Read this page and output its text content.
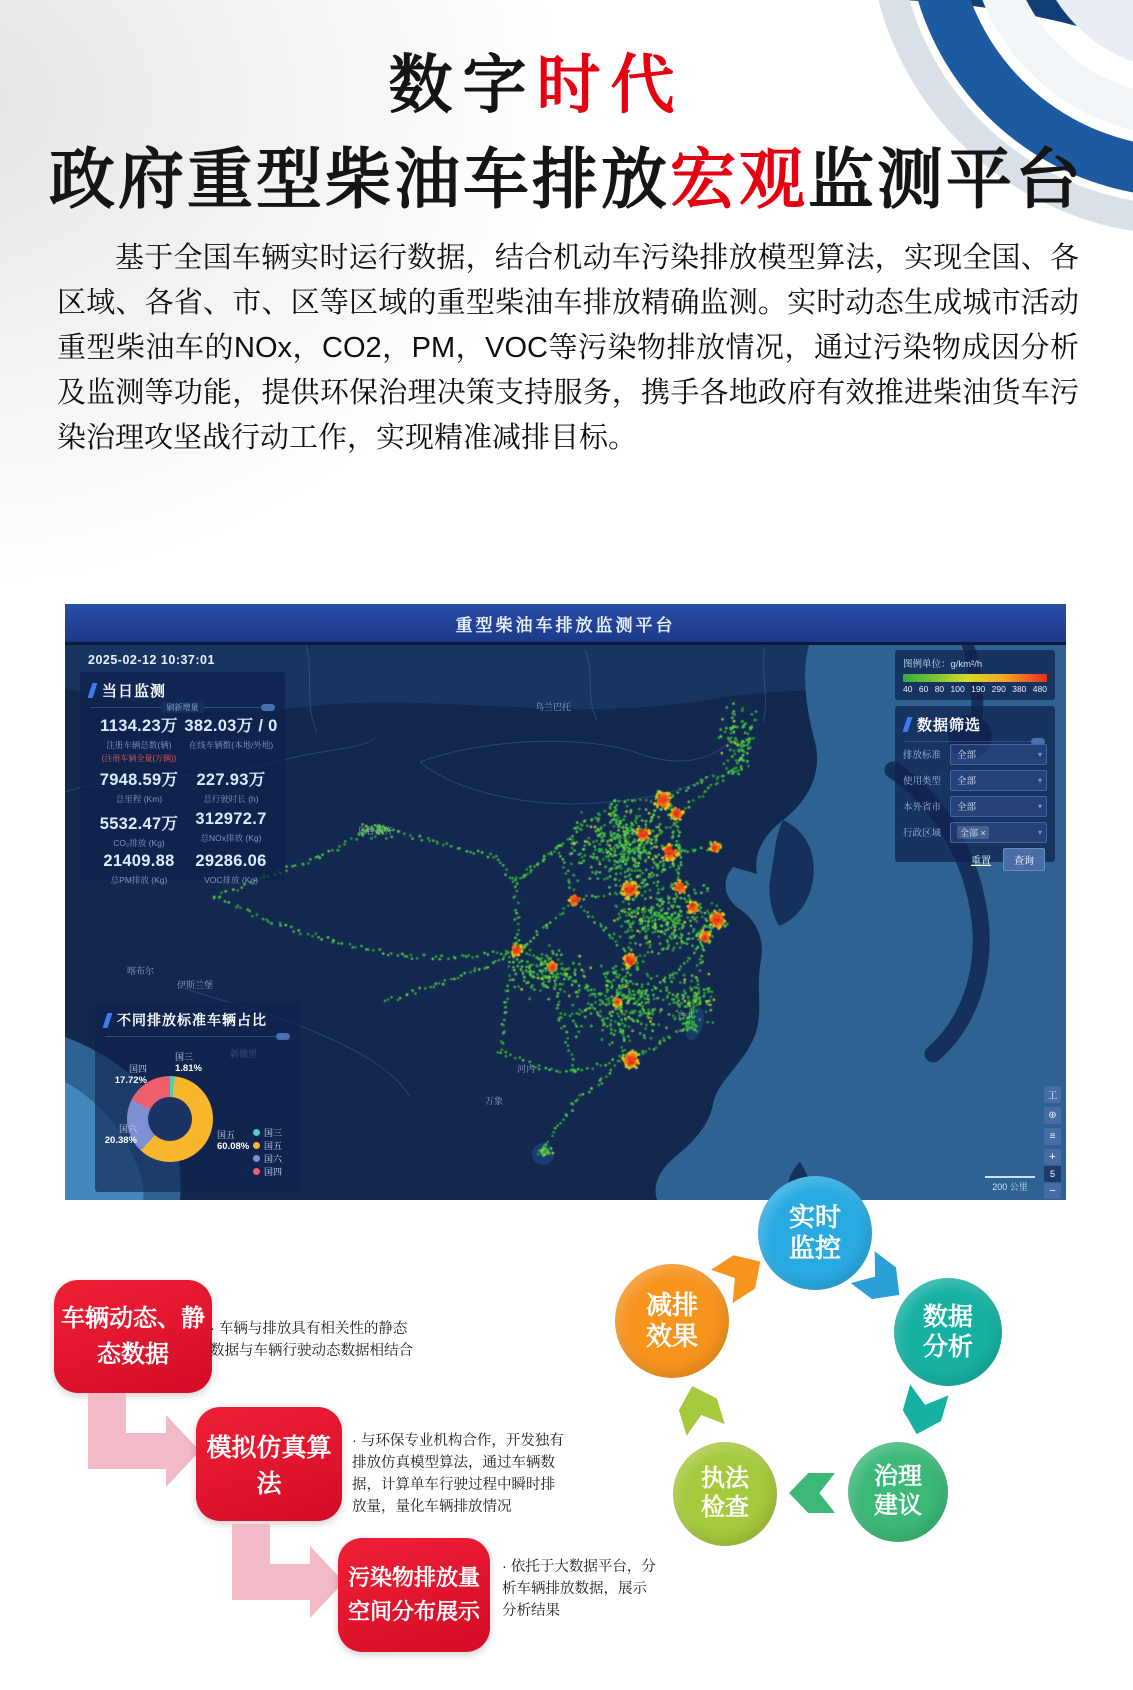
数字时代
政府重型柴油车排放宏观监测平台

基于全国车辆实时运行数据，结合机动车污染排放模型算法，实现全国、各区域、各省、市、区等区域的重型柴油车排放精确监测。实时动态生成城市活动重型柴油车的NOx，CO2，PM，VOC等污染物排放情况，通过污染物成因分析及监测等功能，提供环保治理决策支持服务，携手各地政府有效推进柴油货车污染治理攻坚战行动工作，实现精准减排目标。

乌兰巴托
乌鲁木齐
喀布尔
伊斯兰堡
台北
河内
万象
重型柴油车排放监测平台
2025-02-12 10:37:01
当日监测
刷新增量
1134.23万
注册车辆总数(辆)
(注册车辆全量(万辆))
382.03万 / 0
在线车辆数(本地/外地)
7948.59万
总里程 (Km)
227.93万
总行驶时长 (h)
5532.47万
CO₂排放 (Kg)
312972.7
总NOx排放 (Kg)
21409.88
总PM排放 (Kg)
29286.06
VOC排放 (Kg)
图例单位：g/km²/h
40 60 80 100 190 290 380 480
数据筛选
排放标准	全部	▾
使用类型	全部	▾
本外省市	全部	▾
行政区域	全部 ×	▾
重置	查询
不同排放标准车辆占比
国三
1.81%
国四
17.72%
国六
20.38%	国五
60.08%
国三
国五
国六
国四
工
⊕
≡
+
5
−
200 公里
车辆动态、静态数据
· 车辆与排放具有相关性的静态数据与车辆行驶动态数据相结合
模拟仿真算法
· 与环保专业机构合作，开发独有排放仿真模型算法，通过车辆数据，计算单车行驶过程中瞬时排放量，量化车辆排放情况
污染物排放量空间分布展示
· 依托于大数据平台，分析车辆排放数据，展示分析结果
实时监控
数据分析
治理建议
执法检查
减排效果
